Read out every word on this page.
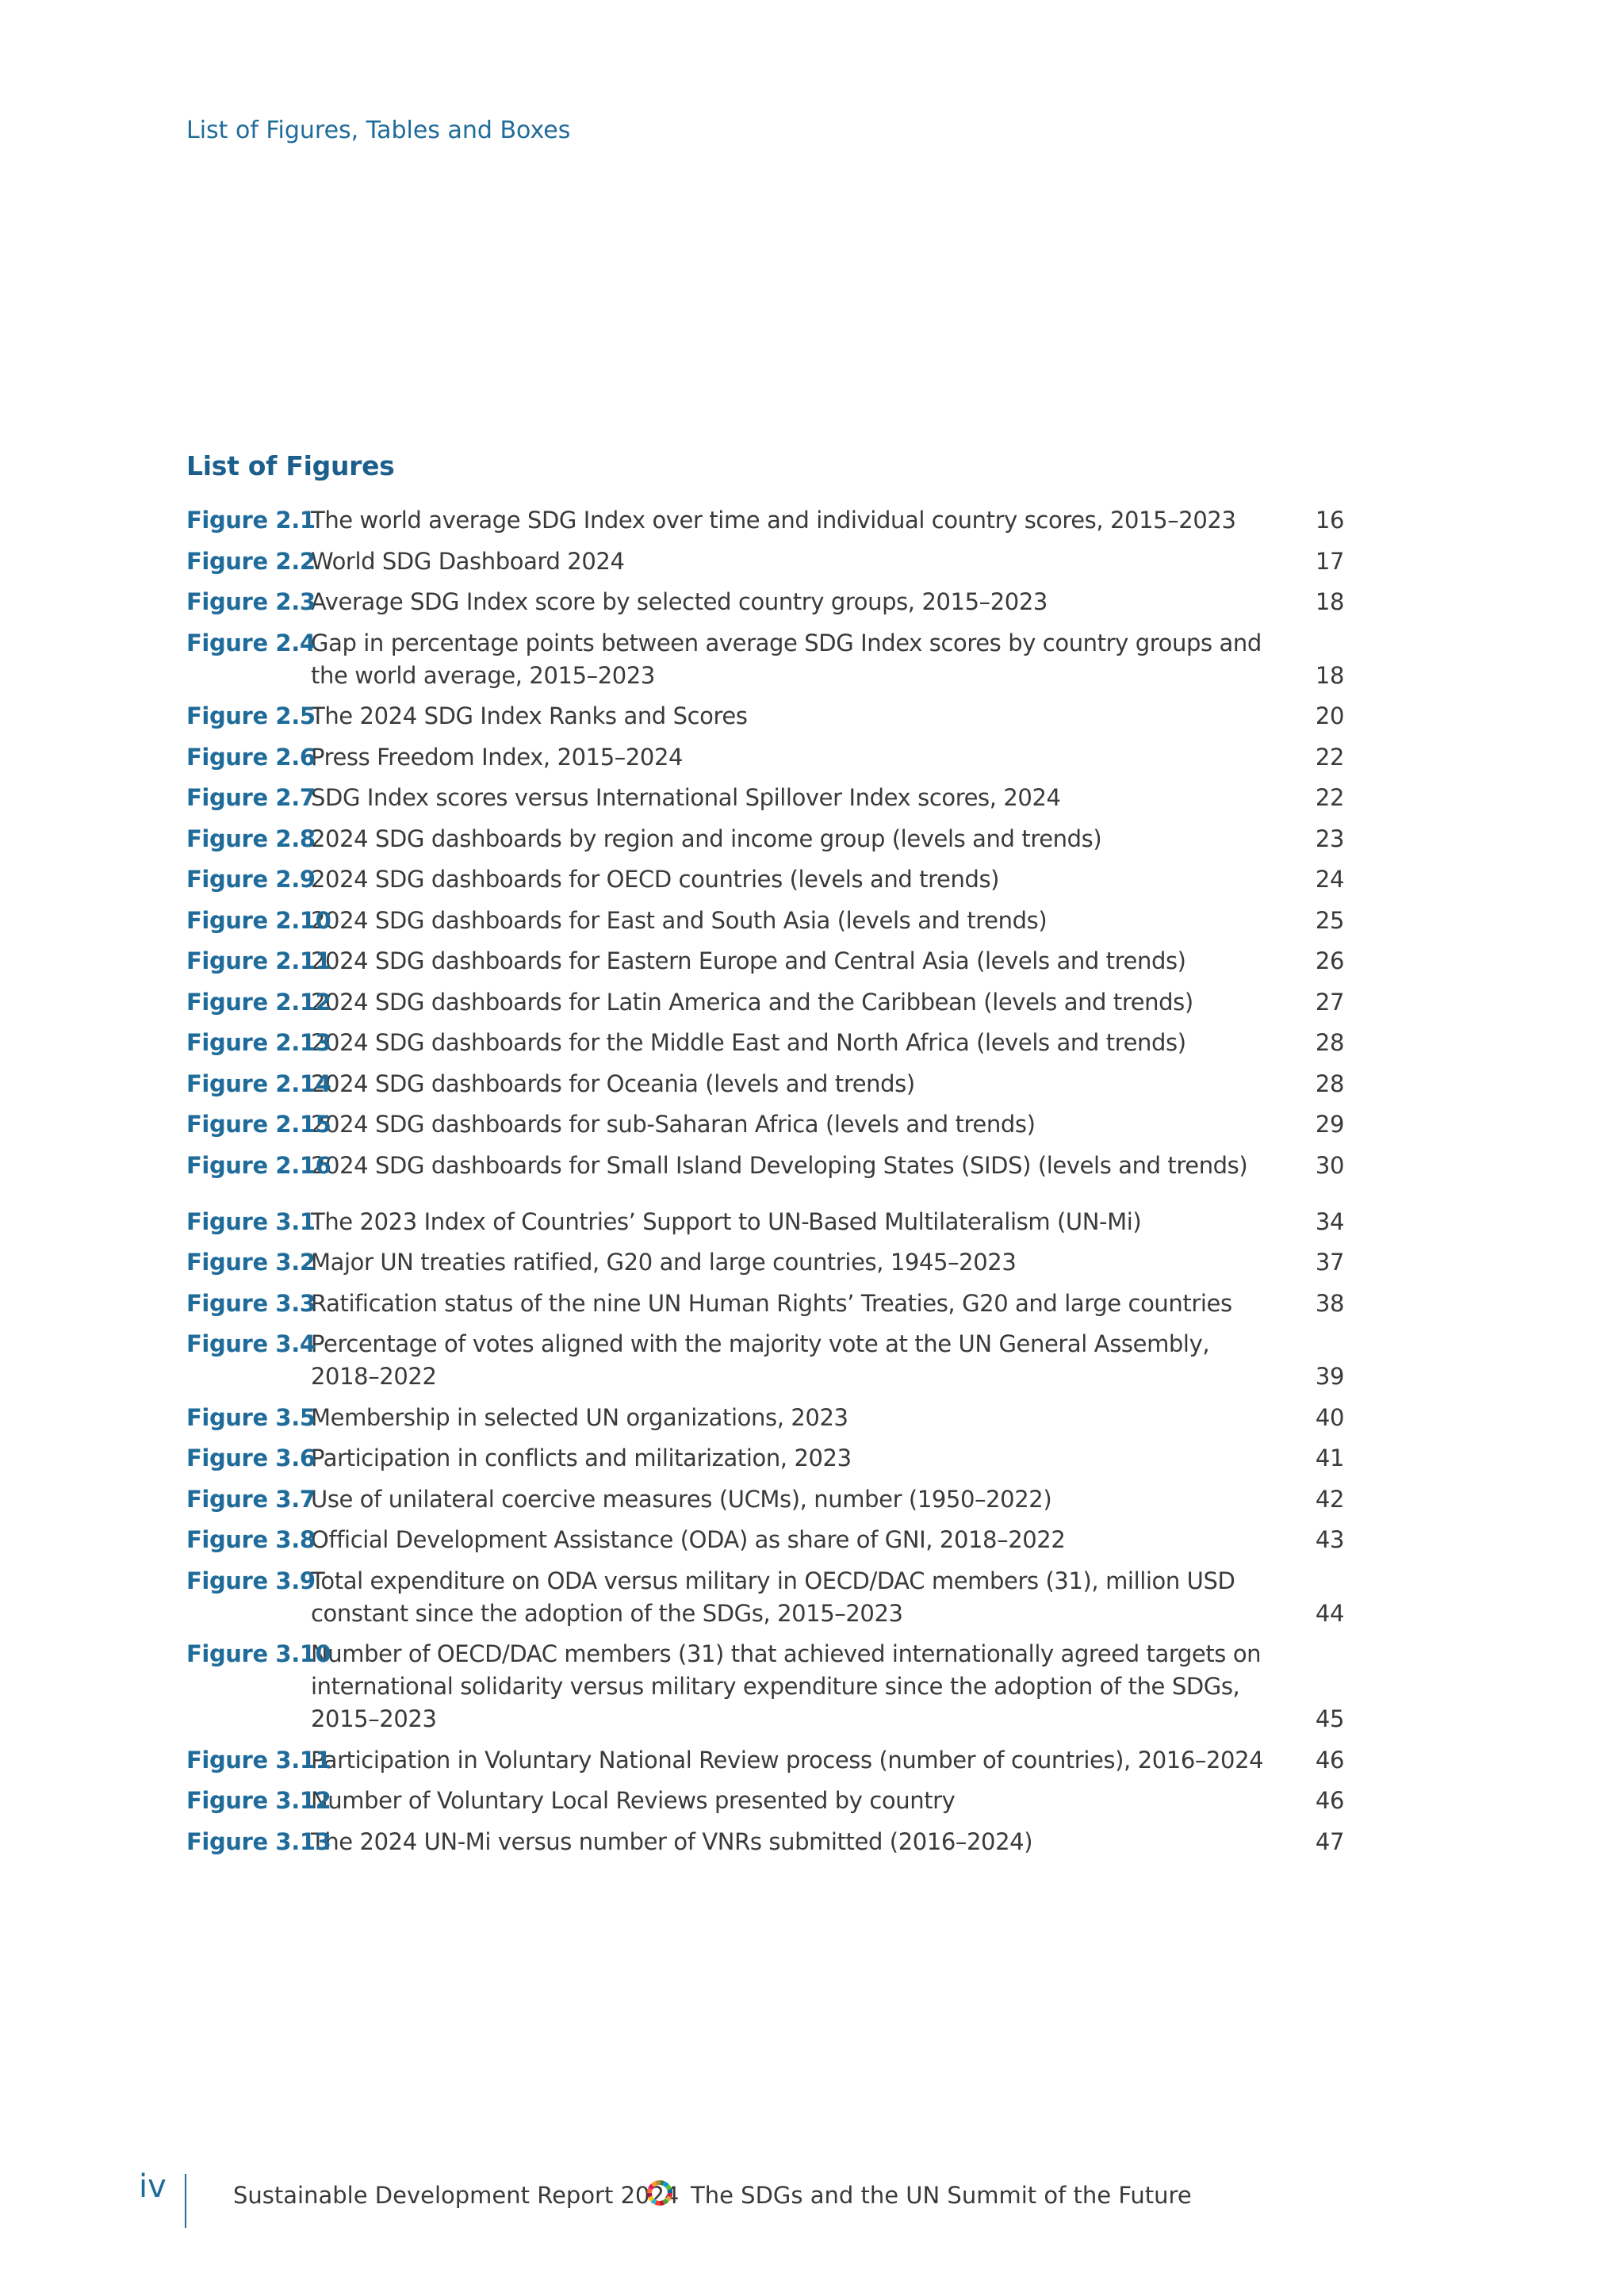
List of Figures, Tables and Boxes
List of Figures
Figure 2.1
The world average SDG Index over time and individual country scores, 2015–2023	16
Figure 2.2
World SDG Dashboard 2024	17
Figure 2.3
Average SDG Index score by selected country groups, 2015–2023	18
Figure 2.4
Gap in percentage points between average SDG Index scores by country groups and the world average, 2015–2023	18
Figure 2.5
The 2024 SDG Index Ranks and Scores	20
Figure 2.6
Press Freedom Index, 2015–2024	22
Figure 2.7
SDG Index scores versus International Spillover Index scores, 2024	22
Figure 2.8
2024 SDG dashboards by region and income group (levels and trends)	23
Figure 2.9
2024 SDG dashboards for OECD countries (levels and trends)	24
Figure 2.10
2024 SDG dashboards for East and South Asia (levels and trends)	25
Figure 2.11
2024 SDG dashboards for Eastern Europe and Central Asia (levels and trends)	26
Figure 2.12
2024 SDG dashboards for Latin America and the Caribbean (levels and trends)	27
Figure 2.13
2024 SDG dashboards for the Middle East and North Africa (levels and trends)	28
Figure 2.14
2024 SDG dashboards for Oceania (levels and trends)	28
Figure 2.15
2024 SDG dashboards for sub-Saharan Africa (levels and trends)	29
Figure 2.16
2024 SDG dashboards for Small Island Developing States (SIDS) (levels and trends)	30
Figure 3.1
The 2023 Index of Countries’ Support to UN-Based Multilateralism (UN-Mi)	34
Figure 3.2
Major UN treaties ratified, G20 and large countries, 1945–2023	37
Figure 3.3
Ratification status of the nine UN Human Rights’ Treaties, G20 and large countries	38
Figure 3.4
Percentage of votes aligned with the majority vote at the UN General Assembly, 2018–2022	39
Figure 3.5
Membership in selected UN organizations, 2023	40
Figure 3.6
Participation in conflicts and militarization, 2023	41
Figure 3.7
Use of unilateral coercive measures (UCMs), number (1950–2022)	42
Figure 3.8
Official Development Assistance (ODA) as share of GNI, 2018–2022	43
Figure 3.9
Total expenditure on ODA versus military in OECD/DAC members (31), million USD constant since the adoption of the SDGs, 2015–2023	44
Figure 3.10
Number of OECD/DAC members (31) that achieved internationally agreed targets on international solidarity versus military expenditure since the adoption of the SDGs, 2015–2023	45
Figure 3.11
Participation in Voluntary National Review process (number of countries), 2016–2024	46
Figure 3.12
Number of Voluntary Local Reviews presented by country	46
Figure 3.13
The 2024 UN-Mi versus number of VNRs submitted (2016–2024)	47
iv	Sustainable Development Report 2024 The SDGs and the UN Summit of the Future
